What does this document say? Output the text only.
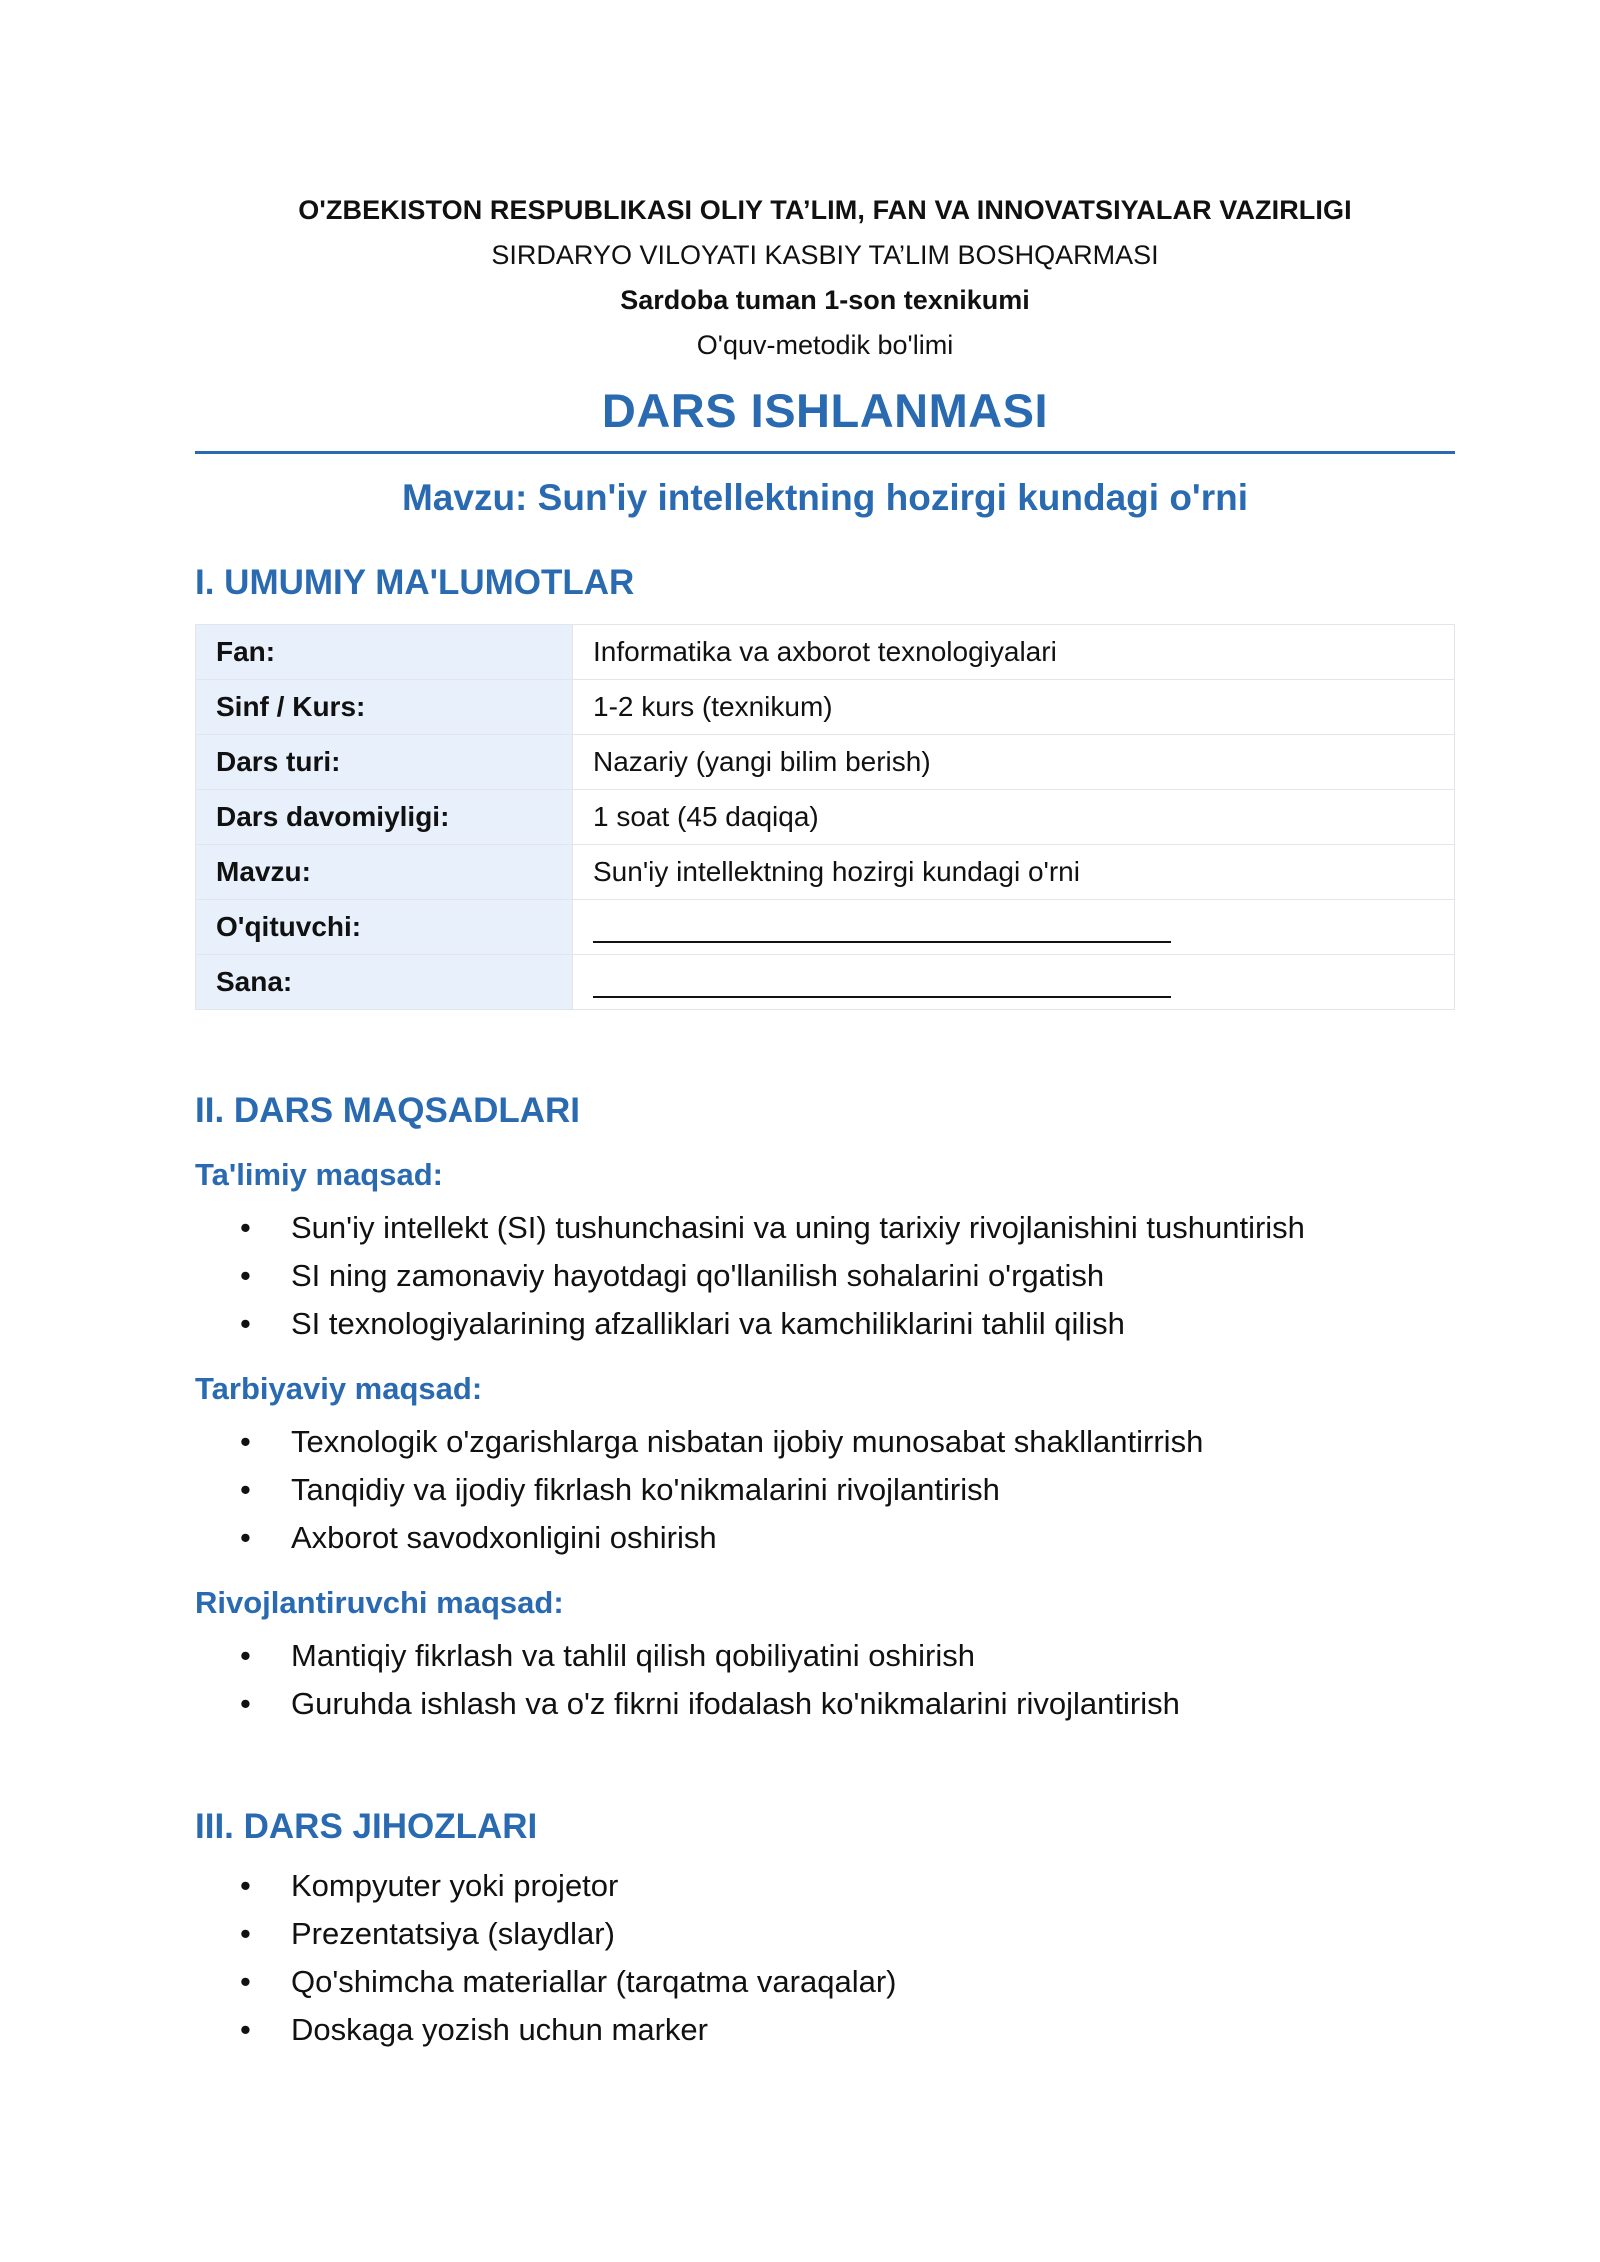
O'ZBEKISTON RESPUBLIKASI OLIY TA’LIM, FAN VA INNOVATSIYALAR VAZIRLIGI
SIRDARYO VILOYATI KASBIY TA’LIM BOSHQARMASI
Sardoba tuman 1-son texnikumi
O'quv-metodik bo'limi
DARS ISHLANMASI
Mavzu: Sun'iy intellektning hozirgi kundagi o'rni
I. UMUMIY MA'LUMOTLAR
Fan:	Informatika va axborot texnologiyalari
Sinf / Kurs:	1-2 kurs (texnikum)
Dars turi:	Nazariy (yangi bilim berish)
Dars davomiyligi:	1 soat (45 daqiqa)
Mavzu:	Sun'iy intellektning hozirgi kundagi o'rni
O'qituvchi:	
Sana:	
II. DARS MAQSADLARI
Ta'limiy maqsad:
• Sun'iy intellekt (SI) tushunchasini va uning tarixiy rivojlanishini tushuntirish
• SI ning zamonaviy hayotdagi qo'llanilish sohalarini o'rgatish
• SI texnologiyalarining afzalliklari va kamchiliklarini tahlil qilish
Tarbiyaviy maqsad:
• Texnologik o'zgarishlarga nisbatan ijobiy munosabat shakllantirrish
• Tanqidiy va ijodiy fikrlash ko'nikmalarini rivojlantirish
• Axborot savodxonligini oshirish
Rivojlantiruvchi maqsad:
• Mantiqiy fikrlash va tahlil qilish qobiliyatini oshirish
• Guruhda ishlash va o'z fikrni ifodalash ko'nikmalarini rivojlantirish
III. DARS JIHOZLARI
• Kompyuter yoki projetor
• Prezentatsiya (slaydlar)
• Qo'shimcha materiallar (tarqatma varaqalar)
• Doskaga yozish uchun marker
